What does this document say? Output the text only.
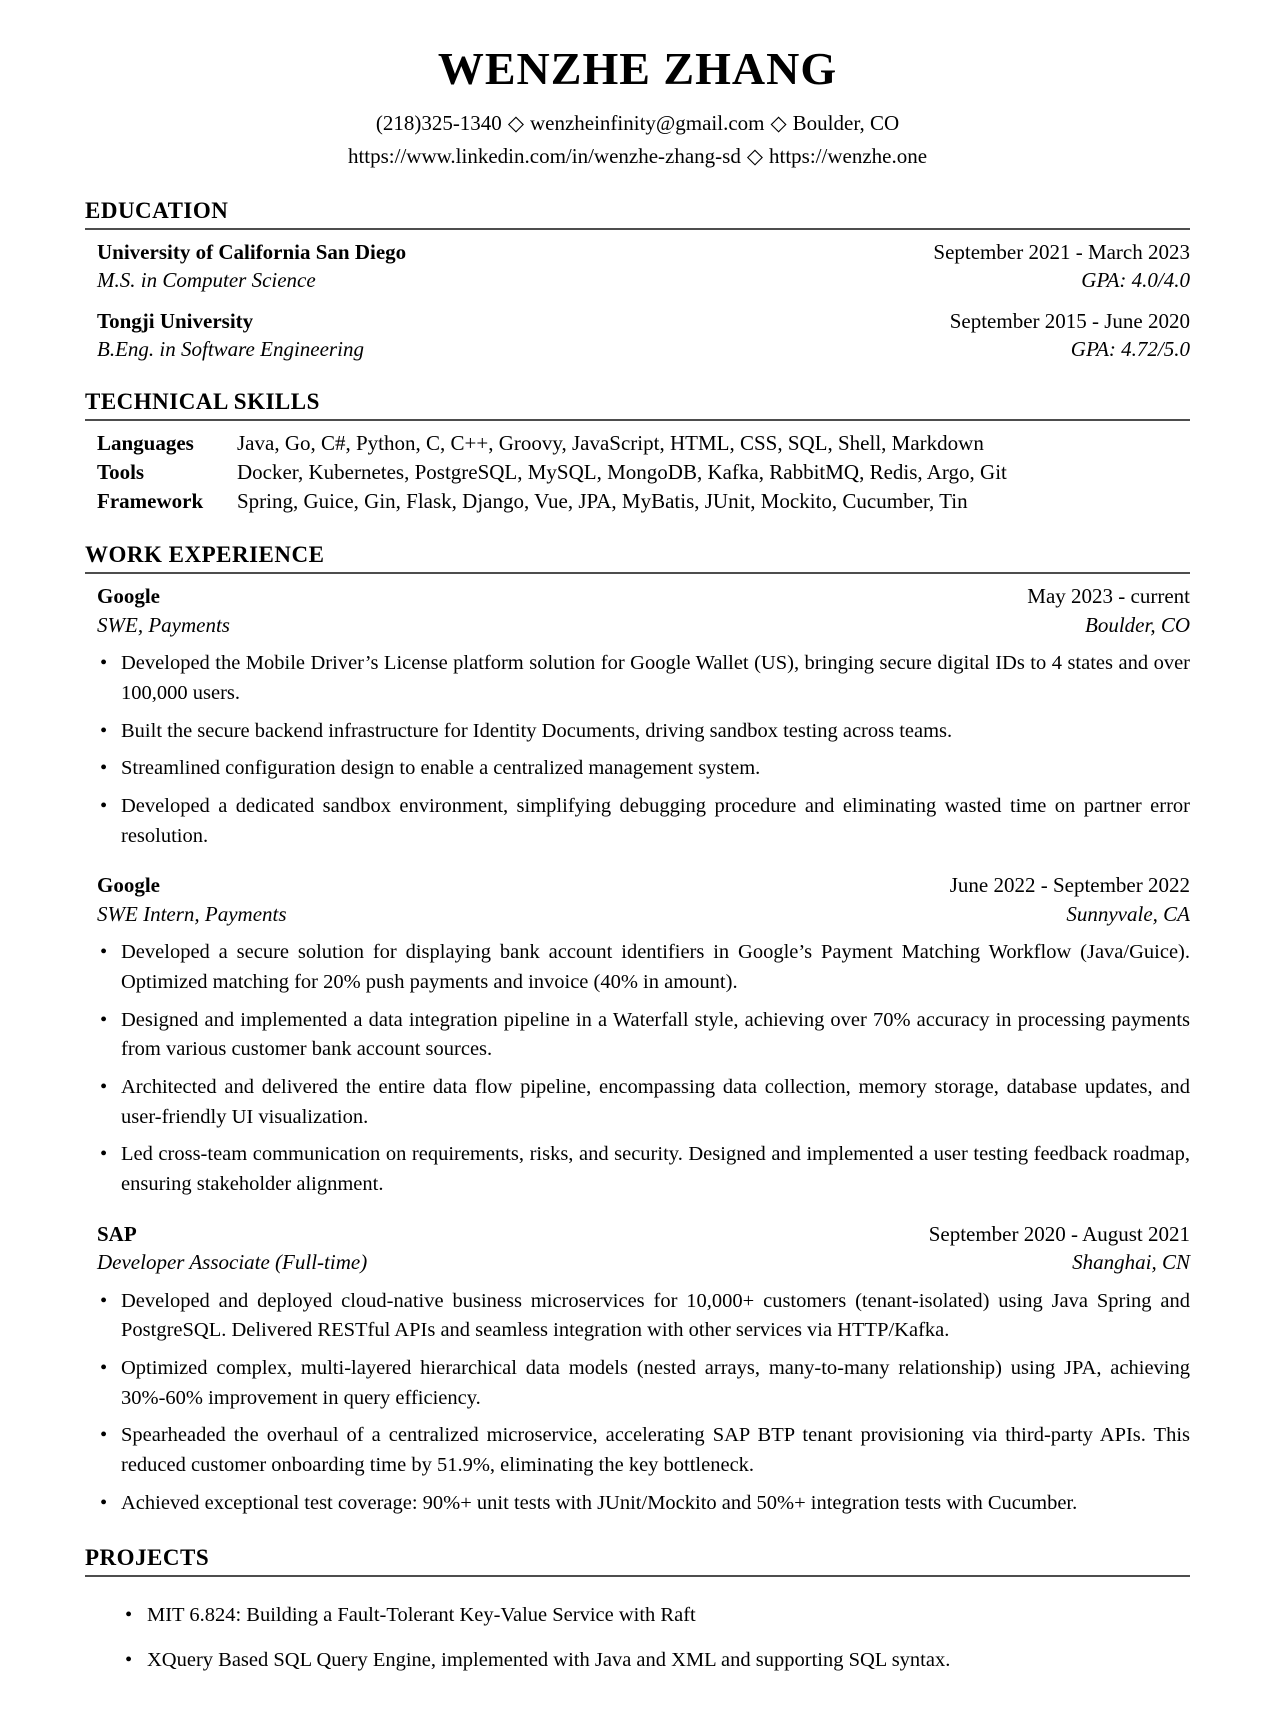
WENZHE ZHANG
(218)325-1340 ◇ wenzheinfinity@gmail.com ◇ Boulder, CO
https://www.linkedin.com/in/wenzhe-zhang-sd ◇ https://wenzhe.one
EDUCATION
University of California San Diego	September 2021 - March 2023
M.S. in Computer Science	GPA: 4.0/4.0
Tongji University	September 2015 - June 2020
B.Eng. in Software Engineering	GPA: 4.72/5.0
TECHNICAL SKILLS
Languages	Java, Go, C#, Python, C, C++, Groovy, JavaScript, HTML, CSS, SQL, Shell, Markdown
Tools	Docker, Kubernetes, PostgreSQL, MySQL, MongoDB, Kafka, RabbitMQ, Redis, Argo, Git
Framework	Spring, Guice, Gin, Flask, Django, Vue, JPA, MyBatis, JUnit, Mockito, Cucumber, Tin
WORK EXPERIENCE
Google	May 2023 - current
SWE, Payments	Boulder, CO
• Developed the Mobile Driver’s License platform solution for Google Wallet (US), bringing secure digital IDs to 4 states and over 100,000 users.
• Built the secure backend infrastructure for Identity Documents, driving sandbox testing across teams.
• Streamlined configuration design to enable a centralized management system.
• Developed a dedicated sandbox environment, simplifying debugging procedure and eliminating wasted time on partner error resolution.
Google	June 2022 - September 2022
SWE Intern, Payments	Sunnyvale, CA
• Developed a secure solution for displaying bank account identifiers in Google’s Payment Matching Workflow (Java/Guice). Optimized matching for 20% push payments and invoice (40% in amount).
• Designed and implemented a data integration pipeline in a Waterfall style, achieving over 70% accuracy in processing payments from various customer bank account sources.
• Architected and delivered the entire data flow pipeline, encompassing data collection, memory storage, database updates, and user-friendly UI visualization.
• Led cross-team communication on requirements, risks, and security. Designed and implemented a user testing feedback roadmap, ensuring stakeholder alignment.
SAP	September 2020 - August 2021
Developer Associate (Full-time)	Shanghai, CN
• Developed and deployed cloud-native business microservices for 10,000+ customers (tenant-isolated) using Java Spring and PostgreSQL. Delivered RESTful APIs and seamless integration with other services via HTTP/Kafka.
• Optimized complex, multi-layered hierarchical data models (nested arrays, many-to-many relationship) using JPA, achieving 30%-60% improvement in query efficiency.
• Spearheaded the overhaul of a centralized microservice, accelerating SAP BTP tenant provisioning via third-party APIs. This reduced customer onboarding time by 51.9%, eliminating the key bottleneck.
• Achieved exceptional test coverage: 90%+ unit tests with JUnit/Mockito and 50%+ integration tests with Cucumber.
PROJECTS
• MIT 6.824: Building a Fault-Tolerant Key-Value Service with Raft
• XQuery Based SQL Query Engine, implemented with Java and XML and supporting SQL syntax.
